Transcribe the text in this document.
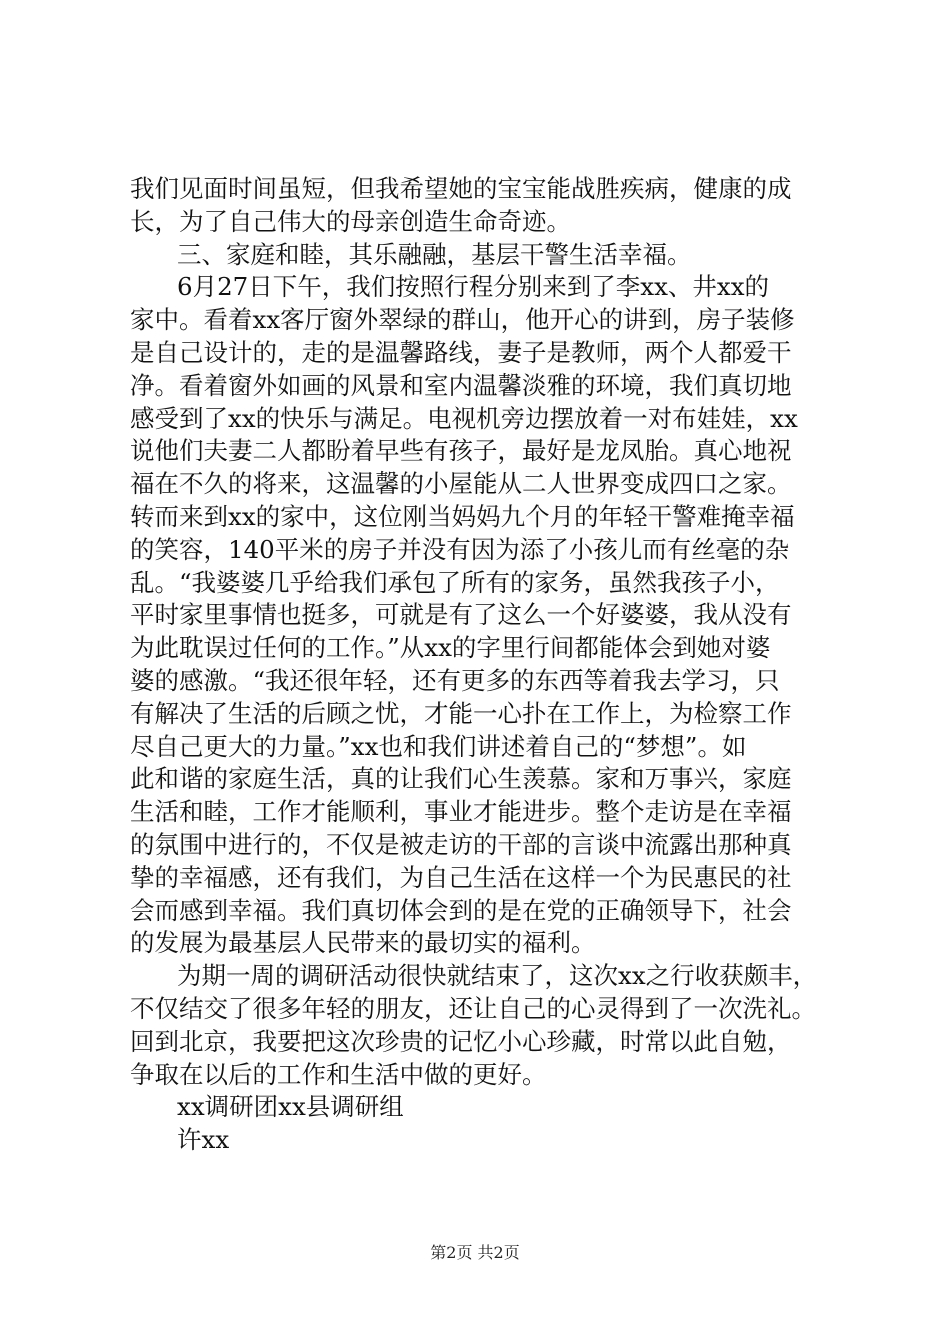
我们见面时间虽短，但我希望她的宝宝能战胜疾病，健康的成
长，为了自己伟大的母亲创造生命奇迹。
三、家庭和睦，其乐融融，基层干警生活幸福。
6月27日下午，我们按照行程分别来到了李xx、井xx的
家中。看着xx客厅窗外翠绿的群山，他开心的讲到，房子装修
是自己设计的，走的是温馨路线，妻子是教师，两个人都爱干
净。看着窗外如画的风景和室内温馨淡雅的环境，我们真切地
感受到了xx的快乐与满足。电视机旁边摆放着一对布娃娃，xx
说他们夫妻二人都盼着早些有孩子，最好是龙凤胎。真心地祝
福在不久的将来，这温馨的小屋能从二人世界变成四口之家。
转而来到xx的家中，这位刚当妈妈九个月的年轻干警难掩幸福
的笑容，140平米的房子并没有因为添了小孩儿而有丝毫的杂
乱。“我婆婆几乎给我们承包了所有的家务，虽然我孩子小，
平时家里事情也挺多，可就是有了这么一个好婆婆，我从没有
为此耽误过任何的工作。”从xx的字里行间都能体会到她对婆
婆的感激。“我还很年轻，还有更多的东西等着我去学习，只
有解决了生活的后顾之忧，才能一心扑在工作上，为检察工作
尽自己更大的力量。”xx也和我们讲述着自己的“梦想”。如
此和谐的家庭生活，真的让我们心生羡慕。家和万事兴，家庭
生活和睦，工作才能顺利，事业才能进步。整个走访是在幸福
的氛围中进行的，不仅是被走访的干部的言谈中流露出那种真
挚的幸福感，还有我们，为自己生活在这样一个为民惠民的社
会而感到幸福。我们真切体会到的是在党的正确领导下，社会
的发展为最基层人民带来的最切实的福利。
为期一周的调研活动很快就结束了，这次xx之行收获颇丰，
不仅结交了很多年轻的朋友，还让自己的心灵得到了一次洗礼。
回到北京，我要把这次珍贵的记忆小心珍藏，时常以此自勉，
争取在以后的工作和生活中做的更好。
xx调研团xx县调研组
许xx
第2页 共2页
